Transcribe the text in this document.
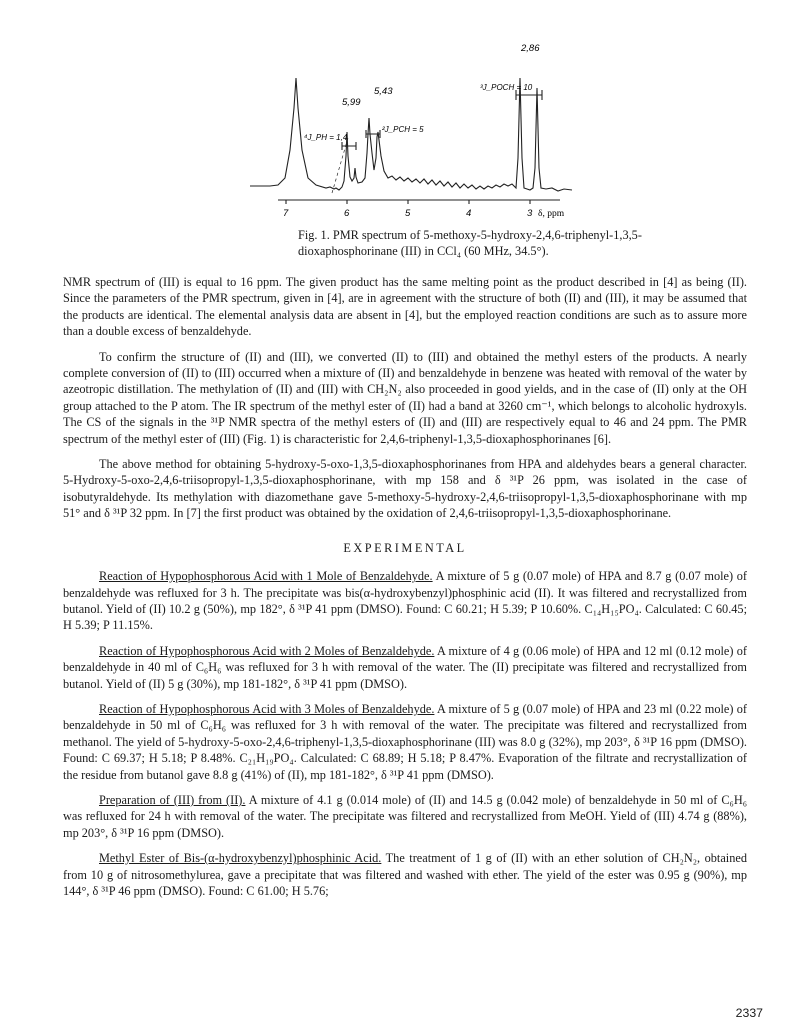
5,99
5,43
2,86
⁴J_PH = 1,4
²J_PCH = 5
³J_POCH = 10
7	6	5	4	3 δ, ppm
Fig. 1. PMR spectrum of 5-methoxy-5-hydroxy-2,4,6-triphenyl-1,3,5-dioxaphosphorinane (III) in CCl₄ (60 MHz, 34.5°).

NMR spectrum of (III) is equal to 16 ppm. The given product has the same melting point as the product described in [4] as being (II). Since the parameters of the PMR spectrum, given in [4], are in agreement with the structure of both (II) and (III), it may be assumed that the products are identical. The elemental analysis data are absent in [4], but the employed reaction conditions are such as to assure more than a double excess of benzaldehyde.

To confirm the structure of (II) and (III), we converted (II) to (III) and obtained the methyl esters of the products. A nearly complete conversion of (II) to (III) occurred when a mixture of (II) and benzaldehyde in benzene was heated with removal of the water by azeotropic distillation. The methylation of (II) and (III) with CH₂N₂ also proceeded in good yields, and in the case of (II) only at the OH group attached to the P atom. The IR spectrum of the methyl ester of (II) had a band at 3260 cm⁻¹, which belongs to alcoholic hydroxyls. The CS of the signals in the ³¹P NMR spectra of the methyl esters of (II) and (III) are respectively equal to 46 and 24 ppm. The PMR spectrum of the methyl ester of (III) (Fig. 1) is characteristic for 2,4,6-triphenyl-1,3,5-dioxaphosphorinanes [6].

The above method for obtaining 5-hydroxy-5-oxo-1,3,5-dioxaphosphorinanes from HPA and aldehydes bears a general character. 5-Hydroxy-5-oxo-2,4,6-triisopropyl-1,3,5-dioxaphosphorinane, with mp 158 and δ ³¹P 26 ppm, was isolated in the case of isobutyraldehyde. Its methylation with diazomethane gave 5-methoxy-5-hydroxy-2,4,6-triisopropyl-1,3,5-dioxaphosphorinane with mp 51° and δ ³¹P 32 ppm. In [7] the first product was obtained by the oxidation of 2,4,6-triisopropyl-1,3,5-dioxaphosphorinane.

EXPERIMENTAL

Reaction of Hypophosphorous Acid with 1 Mole of Benzaldehyde. A mixture of 5 g (0.07 mole) of HPA and 8.7 g (0.07 mole) of benzaldehyde was refluxed for 3 h. The precipitate was bis(α-hydroxybenzyl)phosphinic acid (II). It was filtered and recrystallized from butanol. Yield of (II) 10.2 g (50%), mp 182°, δ ³¹P 41 ppm (DMSO). Found: C 60.21; H 5.39; P 10.60%. C₁₄H₁₅PO₄. Calculated: C 60.45; H 5.39; P 11.15%.

Reaction of Hypophosphorous Acid with 2 Moles of Benzaldehyde. A mixture of 4 g (0.06 mole) of HPA and 12 ml (0.12 mole) of benzaldehyde in 40 ml of C₆H₆ was refluxed for 3 h with removal of the water. The (II) precipitate was filtered and recrystallized from butanol. Yield of (II) 5 g (30%), mp 181-182°, δ ³¹P 41 ppm (DMSO).

Reaction of Hypophosphorous Acid with 3 Moles of Benzaldehyde. A mixture of 5 g (0.07 mole) of HPA and 23 ml (0.22 mole) of benzaldehyde in 50 ml of C₆H₆ was refluxed for 3 h with removal of the water. The precipitate was filtered and recrystallized from methanol. The yield of 5-hydroxy-5-oxo-2,4,6-triphenyl-1,3,5-dioxaphosphorinane (III) was 8.0 g (32%), mp 203°, δ ³¹P 16 ppm (DMSO). Found: C 69.37; H 5.18; P 8.48%. C₂₁H₁₉PO₄. Calculated: C 68.89; H 5.18; P 8.47%. Evaporation of the filtrate and recrystallization of the residue from butanol gave 8.8 g (41%) of (II), mp 181-182°, δ ³¹P 41 ppm (DMSO).

Preparation of (III) from (II). A mixture of 4.1 g (0.014 mole) of (II) and 14.5 g (0.042 mole) of benzaldehyde in 50 ml of C₆H₆ was refluxed for 24 h with removal of the water. The precipitate was filtered and recrystallized from MeOH. Yield of (III) 4.74 g (88%), mp 203°, δ ³¹P 16 ppm (DMSO).

Methyl Ester of Bis-(α-hydroxybenzyl)phosphinic Acid. The treatment of 1 g of (II) with an ether solution of CH₂N₂, obtained from 10 g of nitrosomethylurea, gave a precipitate that was filtered and washed with ether. The yield of the ester was 0.95 g (90%), mp 144°, δ ³¹P 46 ppm (DMSO). Found: C 61.00; H 5.76;

2337
